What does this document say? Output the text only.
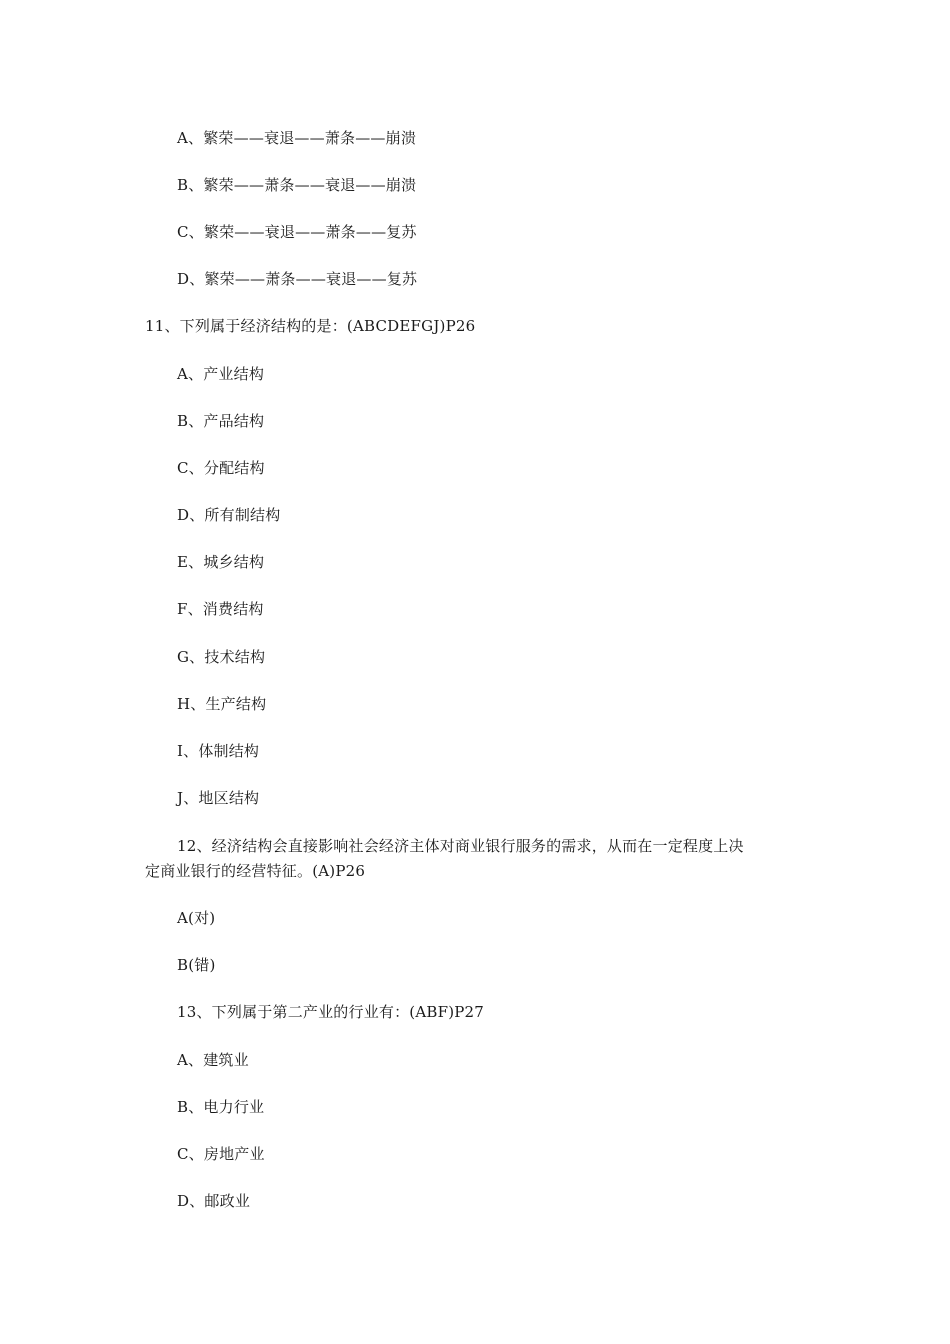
A、繁荣——衰退——萧条——崩溃
B、繁荣——萧条——衰退——崩溃
C、繁荣——衰退——萧条——复苏
D、繁荣——萧条——衰退——复苏
11、下列属于经济结构的是：(ABCDEFGJ)P26
A、产业结构
B、产品结构
C、分配结构
D、所有制结构
E、城乡结构
F、消费结构
G、技术结构
H、生产结构
I、体制结构
J、地区结构
12、经济结构会直接影响社会经济主体对商业银行服务的需求，从而在一定程度上决
定商业银行的经营特征。(A)P26
A(对)
B(错)
13、下列属于第二产业的行业有：(ABF)P27
A、建筑业
B、电力行业
C、房地产业
D、邮政业
